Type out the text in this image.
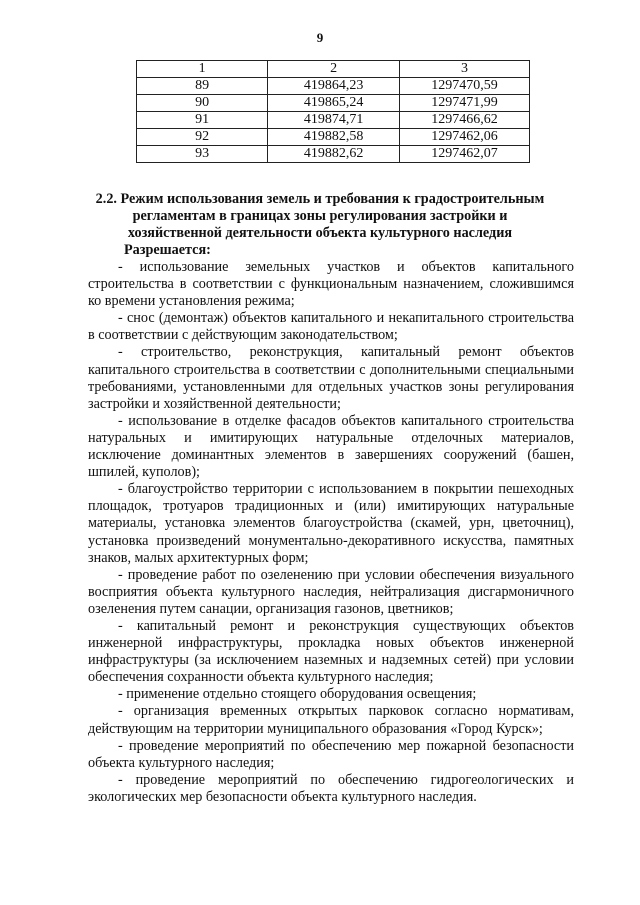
9
1	2	3
89	419864,23	1297470,59
90	419865,24	1297471,99
91	419874,71	1297466,62
92	419882,58	1297462,06
93	419882,62	1297462,07
2.2. Режим использования земель и требования к градостроительным
регламентам в границах зоны регулирования застройки и
хозяйственной деятельности объекта культурного наследия
Разрешается:

- использование земельных участков и объектов капитального строительства в соответствии с функциональным назначением, сложившимся ко времени установления режима;

- снос (демонтаж) объектов капитального и некапитального строительства в соответствии с действующим законодательством;

- строительство, реконструкция, капитальный ремонт объектов капитального строительства в соответствии с дополнительными специальными требованиями, установленными для отдельных участков зоны регулирования застройки и хозяйственной деятельности;

- использование в отделке фасадов объектов капитального строительства натуральных и имитирующих натуральные отделочных материалов, исключение доминантных элементов в завершениях сооружений (башен, шпилей, куполов);

- благоустройство территории с использованием в покрытии пешеходных площадок, тротуаров традиционных и (или) имитирующих натуральные материалы, установка элементов благоустройства (скамей, урн, цветочниц), установка произведений монументально-декоративного искусства, памятных знаков, малых архитектурных форм;

- проведение работ по озеленению при условии обеспечения визуального восприятия объекта культурного наследия, нейтрализация дисгармоничного озеленения путем санации, организация газонов, цветников;

- капитальный ремонт и реконструкция существующих объектов инженерной инфраструктуры, прокладка новых объектов инженерной инфраструктуры (за исключением наземных и надземных сетей) при условии обеспечения сохранности объекта культурного наследия;

- применение отдельно стоящего оборудования освещения;

- организация временных открытых парковок согласно нормативам, действующим на территории муниципального образования «Город Курск»;

- проведение мероприятий по обеспечению мер пожарной безопасности объекта культурного наследия;

- проведение мероприятий по обеспечению гидрогеологических и экологических мер безопасности объекта культурного наследия.
